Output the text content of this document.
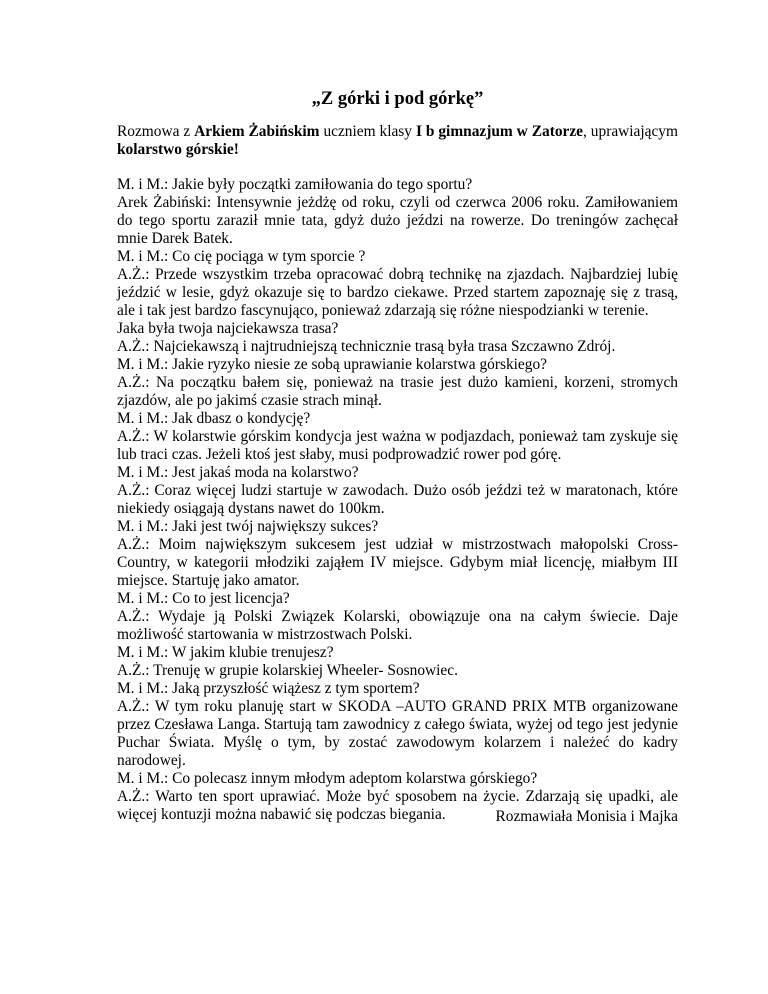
„Z górki i pod górkę”
Rozmowa z Arkiem Żabińskim uczniem klasy I b gimnazjum w Zatorze, uprawiającym kolarstwo górskie!

M. i M.: Jakie były początki zamiłowania do tego sportu?

Arek Żabiński: Intensywnie jeżdżę od roku, czyli od czerwca 2006 roku. Zamiłowaniem do tego sportu zaraził mnie tata, gdyż dużo jeździ na rowerze. Do treningów zachęcał mnie Darek Batek.

M. i M.: Co cię pociąga w tym sporcie ?

A.Ż.: Przede wszystkim trzeba opracować dobrą technikę na zjazdach. Najbardziej lubię jeździć w lesie, gdyż okazuje się to bardzo ciekawe. Przed startem zapoznaję się z trasą, ale i tak jest bardzo fascynująco, ponieważ zdarzają się różne niespodzianki w terenie.

Jaka była twoja najciekawsza trasa?

A.Ż.: Najciekawszą i najtrudniejszą technicznie trasą była trasa Szczawno Zdrój.

M. i M.: Jakie ryzyko niesie ze sobą uprawianie kolarstwa górskiego?

A.Ż.: Na początku bałem się, ponieważ na trasie jest dużo kamieni, korzeni, stromych zjazdów, ale po jakimś czasie strach minął.

M. i M.: Jak dbasz o kondycję?

A.Ż.: W kolarstwie górskim kondycja jest ważna w podjazdach, ponieważ tam zyskuje się lub traci czas. Jeżeli ktoś jest słaby, musi podprowadzić rower pod górę.

M. i M.: Jest jakaś moda na kolarstwo?

A.Ż.: Coraz więcej ludzi startuje w zawodach. Dużo osób jeździ też w maratonach, które niekiedy osiągają dystans nawet do 100km.

M. i M.: Jaki jest twój największy sukces?

A.Ż.: Moim największym sukcesem jest udział w mistrzostwach małopolski Cross-Country, w kategorii młodziki zająłem IV miejsce. Gdybym miał licencję, miałbym III miejsce. Startuję jako amator.

M. i M.: Co to jest licencja?

A.Ż.: Wydaje ją Polski Związek Kolarski, obowiązuje ona na całym świecie. Daje możliwość startowania w mistrzostwach Polski.

M. i M.: W jakim klubie trenujesz?

A.Ż.: Trenuję w grupie kolarskiej Wheeler- Sosnowiec.

M. i M.: Jaką przyszłość wiążesz z tym sportem?

A.Ż.: W tym roku planuję start w SKODA –AUTO GRAND PRIX MTB organizowane przez Czesława Langa. Startują tam zawodnicy z całego świata, wyżej od tego jest jedynie Puchar Świata. Myślę o tym, by zostać zawodowym kolarzem i należeć do kadry narodowej.

M. i M.: Co polecasz innym młodym adeptom kolarstwa górskiego?

A.Ż.: Warto ten sport uprawiać. Może być sposobem na życie. Zdarzają się upadki, ale więcej kontuzji można nabawić się podczas biegania.	Rozmawiała Monisia i Majka
